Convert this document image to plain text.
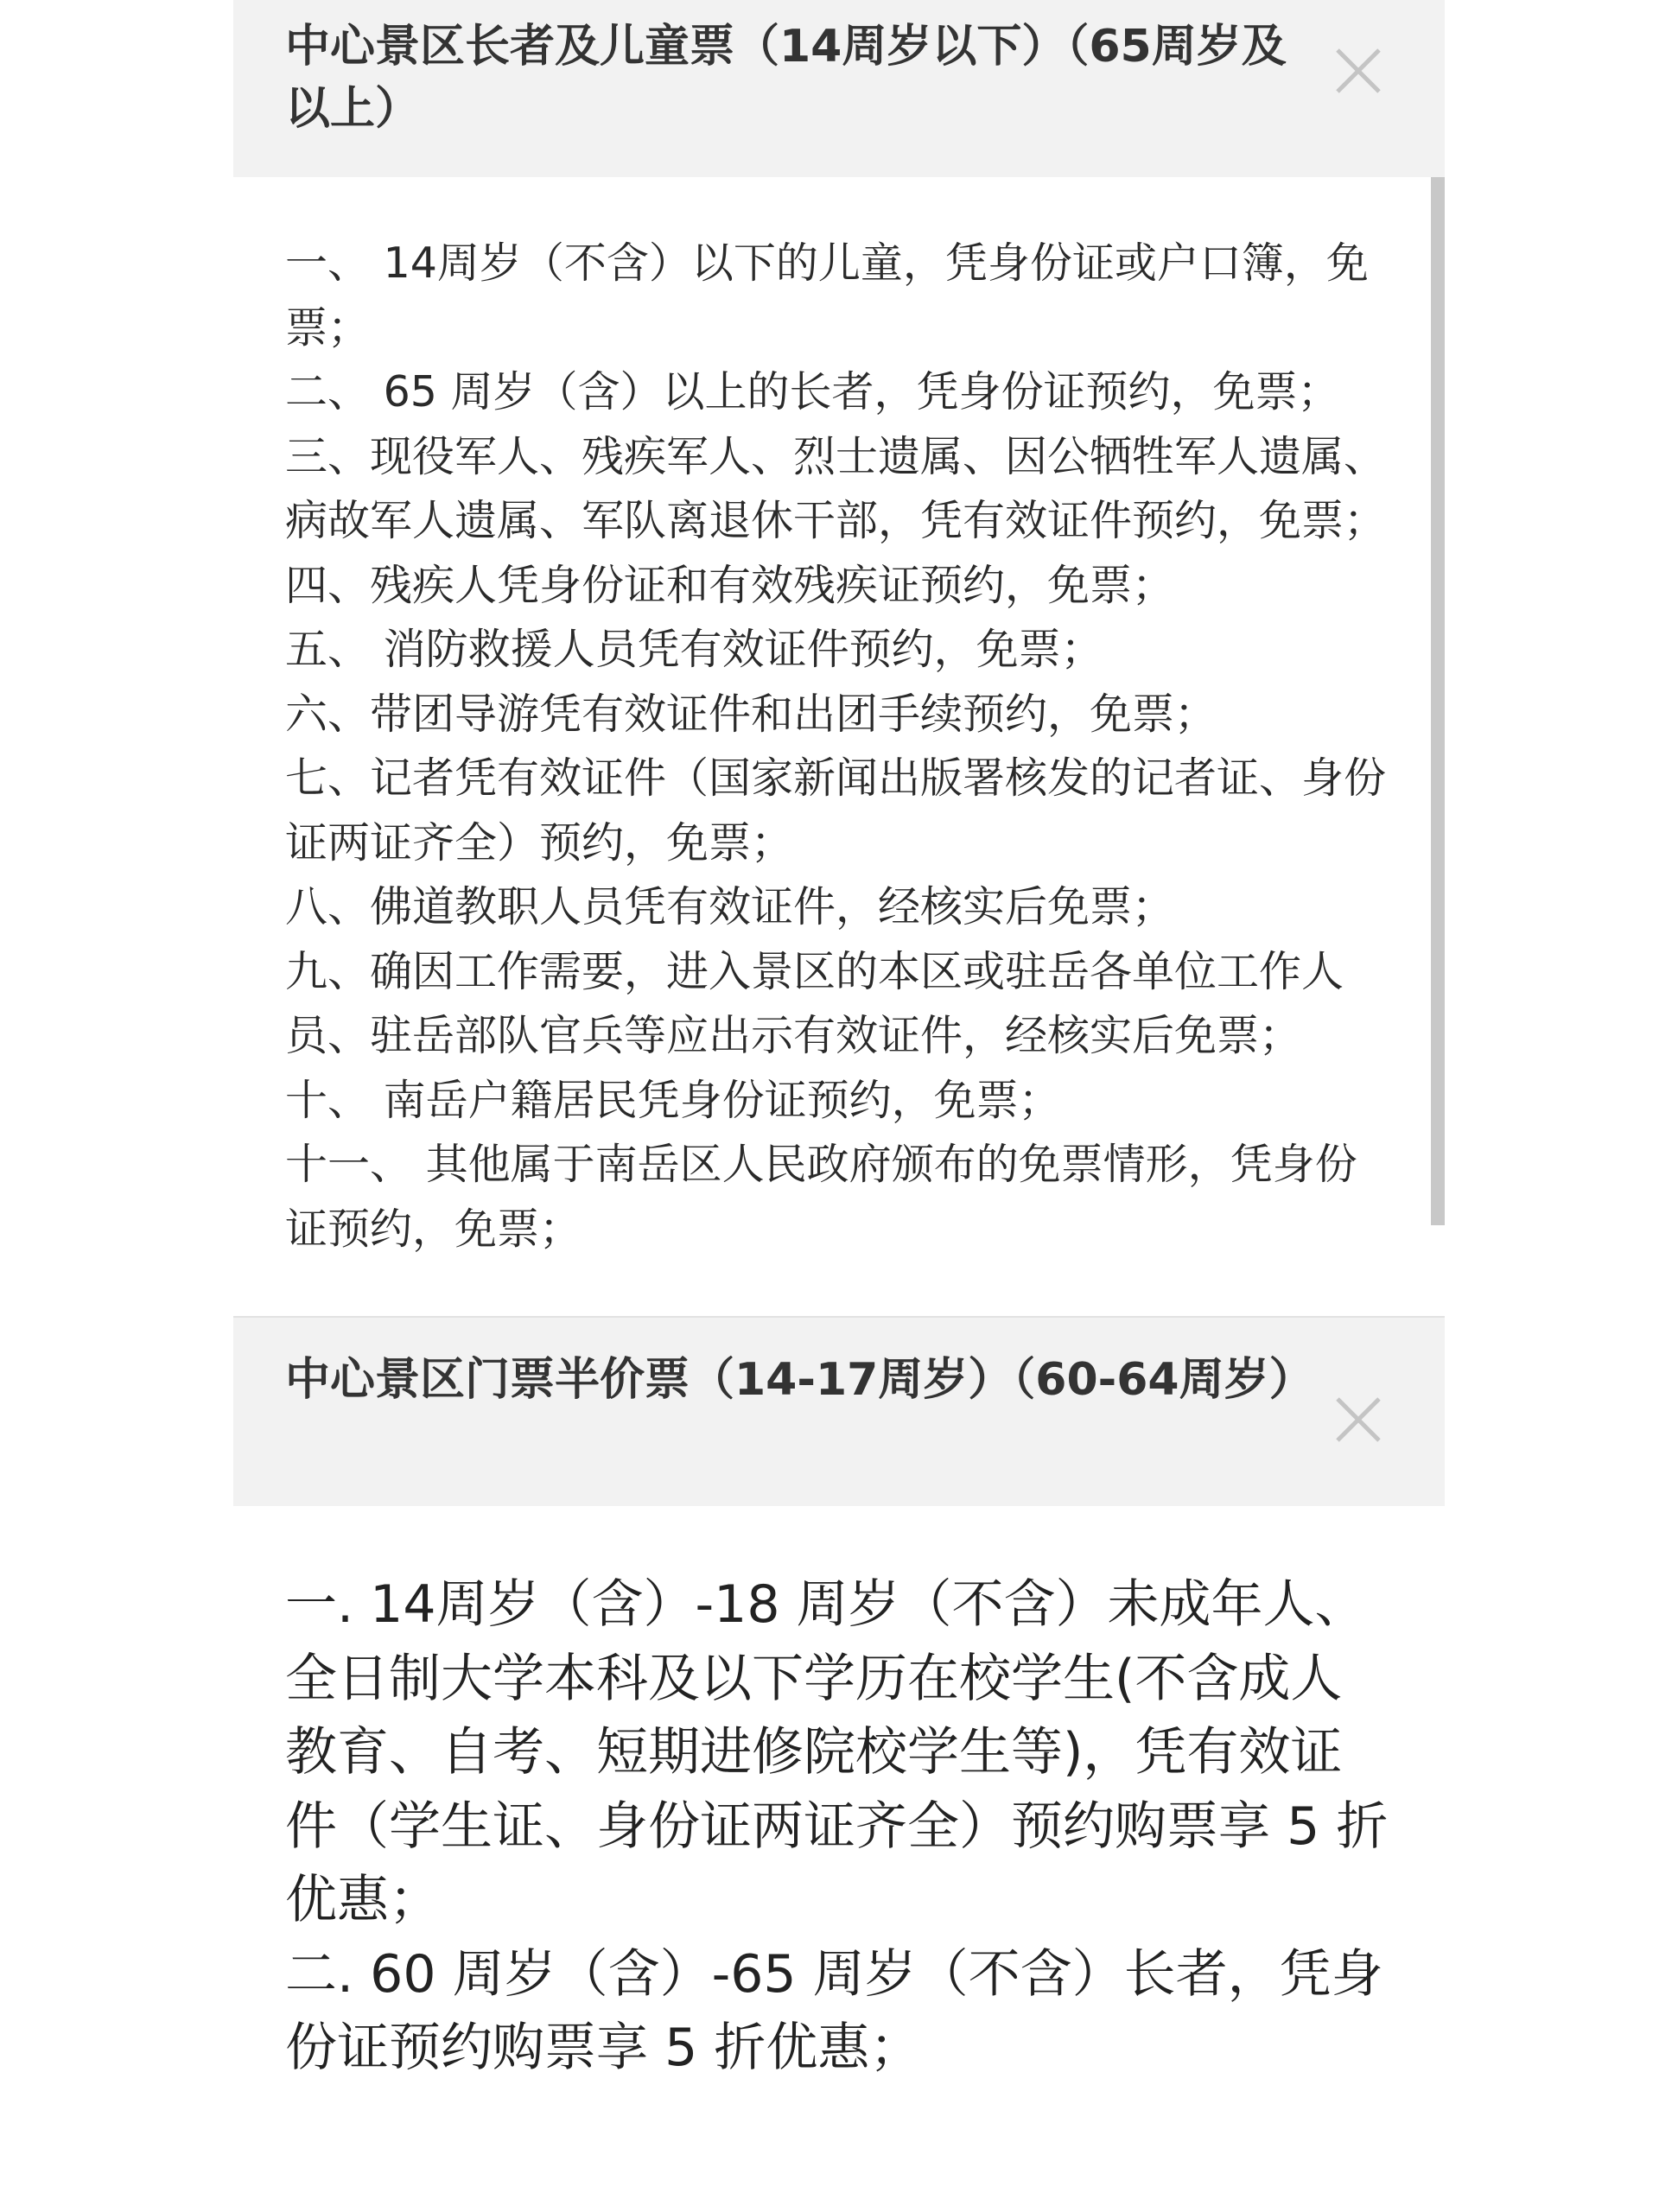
中心景区长者及儿童票（14周岁以下）（65周岁及以上）
一、 14周岁（不含）以下的儿童，凭身份证或户口簿，免票；
二、 65 周岁（含）以上的长者，凭身份证预约，免票；
三、现役军人、残疾军人、烈士遗属、因公牺牲军人遗属、病故军人遗属、军队离退休干部，凭有效证件预约，免票；
四、残疾人凭身份证和有效残疾证预约，免票；
五、 消防救援人员凭有效证件预约，免票；
六、带团导游凭有效证件和出团手续预约，免票；
七、记者凭有效证件（国家新闻出版署核发的记者证、身份证两证齐全）预约，免票；
八、佛道教职人员凭有效证件，经核实后免票；
九、确因工作需要，进入景区的本区或驻岳各单位工作人员、驻岳部队官兵等应出示有效证件，经核实后免票；
十、 南岳户籍居民凭身份证预约，免票；
十一、 其他属于南岳区人民政府颁布的免票情形，凭身份证预约，免票；
中心景区门票半价票（14-17周岁）（60-64周岁）
一. 14周岁（含）-18 周岁（不含）未成年人、全日制大学本科及以下学历在校学生(不含成人教育、自考、短期进修院校学生等)，凭有效证件（学生证、身份证两证齐全）预约购票享 5 折优惠；
二. 60 周岁（含）-65 周岁（不含）长者，凭身份证预约购票享 5 折优惠；
